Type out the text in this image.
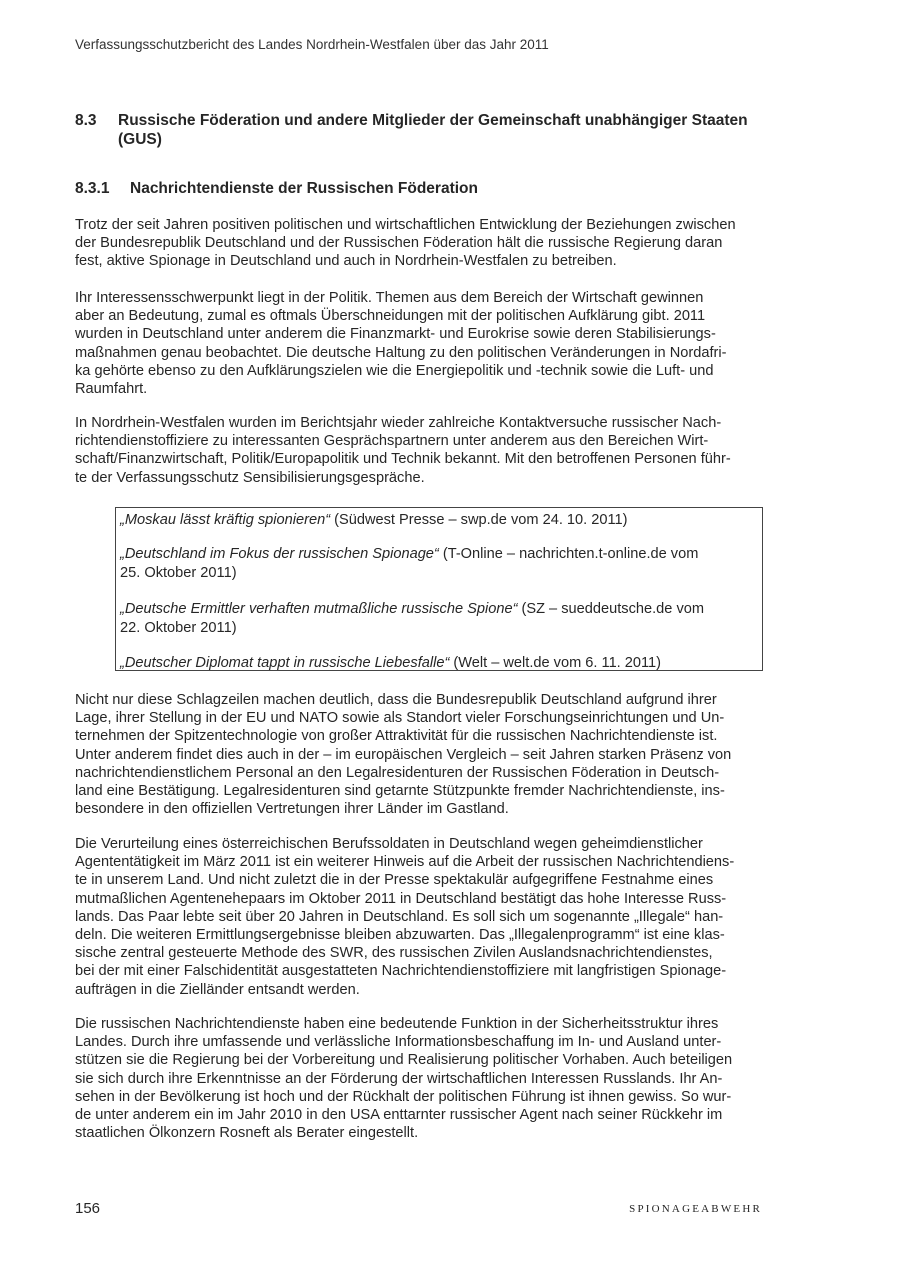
Verfassungsschutzbericht des Landes Nordrhein-Westfalen über das Jahr 2011
8.3	Russische Föderation und andere Mitglieder der Gemeinschaft unabhängiger Staaten
(GUS)
8.3.1	Nachrichtendienste der Russischen Föderation
Trotz der seit Jahren positiven politischen und wirtschaftlichen Entwicklung der Beziehungen zwischen
der Bundesrepublik Deutschland und der Russischen Föderation hält die russische Regierung daran
fest, aktive Spionage in Deutschland und auch in Nordrhein-Westfalen zu betreiben.
Ihr Interessensschwerpunkt liegt in der Politik. Themen aus dem Bereich der Wirtschaft gewinnen
aber an Bedeutung, zumal es oftmals Überschneidungen mit der politischen Aufklärung gibt. 2011
wurden in Deutschland unter anderem die Finanzmarkt- und Eurokrise sowie deren Stabilisierungs-
maßnahmen genau beobachtet. Die deutsche Haltung zu den politischen Veränderungen in Nordafri-
ka gehörte ebenso zu den Aufklärungszielen wie die Energiepolitik und -technik sowie die Luft- und
Raumfahrt.
In Nordrhein-Westfalen wurden im Berichtsjahr wieder zahlreiche Kontaktversuche russischer Nach-
richtendienstoffiziere zu interessanten Gesprächspartnern unter anderem aus den Bereichen Wirt-
schaft/Finanzwirtschaft, Politik/Europapolitik und Technik bekannt. Mit den betroffenen Personen führ-
te der Verfassungsschutz Sensibilisierungsgespräche.
„Moskau lässt kräftig spionieren“ (Südwest Presse – swp.de vom 24. 10. 2011)
„Deutschland im Fokus der russischen Spionage“ (T-Online – nachrichten.t-online.de vom
25. Oktober 2011)
„Deutsche Ermittler verhaften mutmaßliche russische Spione“ (SZ – sueddeutsche.de vom
22. Oktober 2011)
„Deutscher Diplomat tappt in russische Liebesfalle“ (Welt – welt.de vom 6. 11. 2011)
Nicht nur diese Schlagzeilen machen deutlich, dass die Bundesrepublik Deutschland aufgrund ihrer
Lage, ihrer Stellung in der EU und NATO sowie als Standort vieler Forschungseinrichtungen und Un-
ternehmen der Spitzentechnologie von großer Attraktivität für die russischen Nachrichtendienste ist.
Unter anderem findet dies auch in der – im europäischen Vergleich – seit Jahren starken Präsenz von
nachrichtendienstlichem Personal an den Legalresidenturen der Russischen Föderation in Deutsch-
land eine Bestätigung. Legalresidenturen sind getarnte Stützpunkte fremder Nachrichtendienste, ins-
besondere in den offiziellen Vertretungen ihrer Länder im Gastland.
Die Verurteilung eines österreichischen Berufssoldaten in Deutschland wegen geheimdienstlicher
Agententätigkeit im März 2011 ist ein weiterer Hinweis auf die Arbeit der russischen Nachrichtendiens-
te in unserem Land. Und nicht zuletzt die in der Presse spektakulär aufgegriffene Festnahme eines
mutmaßlichen Agentenehepaars im Oktober 2011 in Deutschland bestätigt das hohe Interesse Russ-
lands. Das Paar lebte seit über 20 Jahren in Deutschland. Es soll sich um sogenannte „Illegale“ han-
deln. Die weiteren Ermittlungsergebnisse bleiben abzuwarten. Das „Illegalenprogramm“ ist eine klas-
sische zentral gesteuerte Methode des SWR, des russischen Zivilen Auslandsnachrichtendienstes,
bei der mit einer Falschidentität ausgestatteten Nachrichtendienstoffiziere mit langfristigen Spionage-
aufträgen in die Zielländer entsandt werden.
Die russischen Nachrichtendienste haben eine bedeutende Funktion in der Sicherheitsstruktur ihres
Landes. Durch ihre umfassende und verlässliche Informationsbeschaffung im In- und Ausland unter-
stützen sie die Regierung bei der Vorbereitung und Realisierung politischer Vorhaben. Auch beteiligen
sie sich durch ihre Erkenntnisse an der Förderung der wirtschaftlichen Interessen Russlands. Ihr An-
sehen in der Bevölkerung ist hoch und der Rückhalt der politischen Führung ist ihnen gewiss. So wur-
de unter anderem ein im Jahr 2010 in den USA enttarnter russischer Agent nach seiner Rückkehr im
staatlichen Ölkonzern Rosneft als Berater eingestellt.
156	SPIONAGEABWEHR
